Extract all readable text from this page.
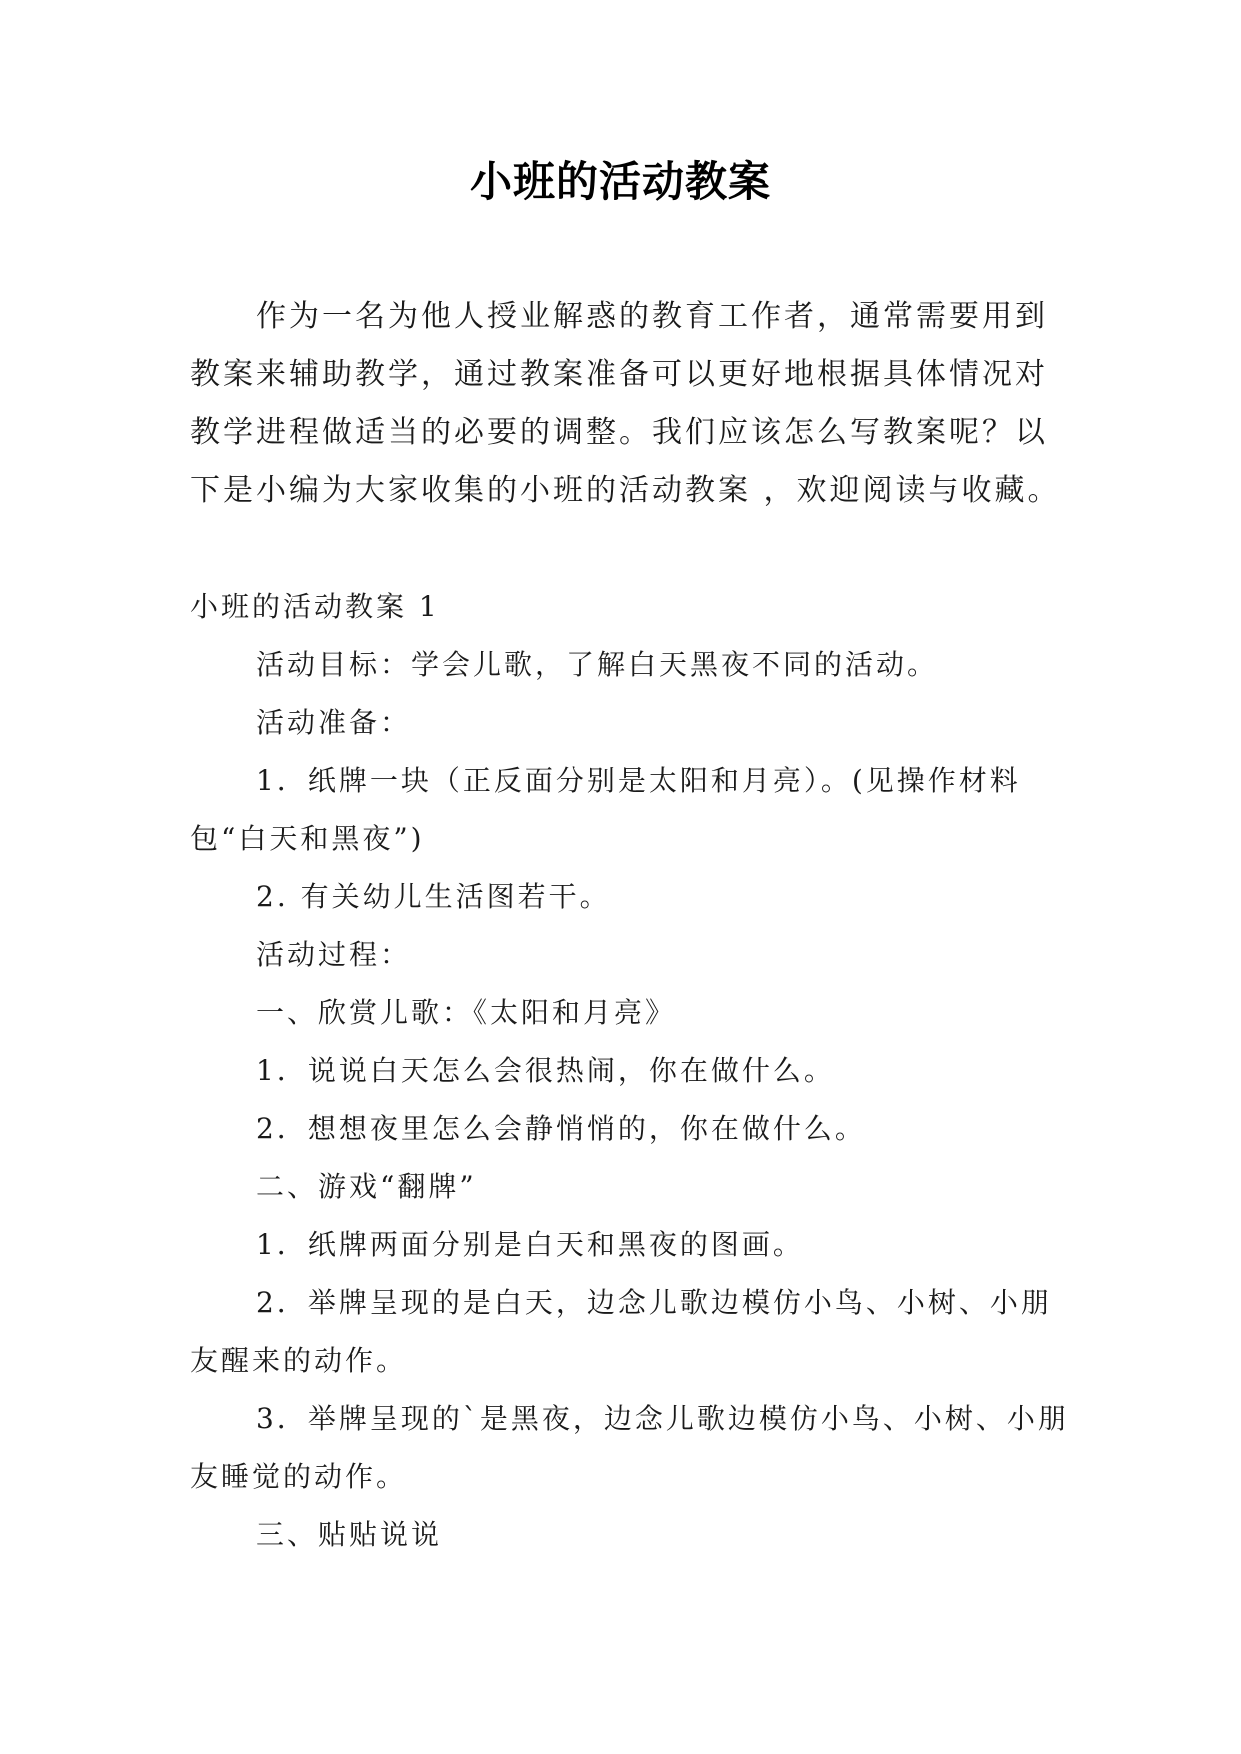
小班的活动教案

作为一名为他人授业解惑的教育工作者，通常需要用到教案来辅助教学，通过教案准备可以更好地根据具体情况对教学进程做适当的必要的调整。我们应该怎么写教案呢？以下是小编为大家收集的小班的活动教案 ，欢迎阅读与收藏。

小班的活动教案 1

活动目标：学会儿歌，了解白天黑夜不同的活动。

活动准备：

1．纸牌一块（正反面分别是太阳和月亮）。(见操作材料包“白天和黑夜”)

2. 有关幼儿生活图若干。

活动过程：

一、欣赏儿歌：《太阳和月亮》

1．说说白天怎么会很热闹，你在做什么。

2．想想夜里怎么会静悄悄的，你在做什么。

二、游戏“翻牌”

1．纸牌两面分别是白天和黑夜的图画。

2．举牌呈现的是白天，边念儿歌边模仿小鸟、小树、小朋友醒来的动作。

3．举牌呈现的`是黑夜，边念儿歌边模仿小鸟、小树、小朋友睡觉的动作。

三、贴贴说说
